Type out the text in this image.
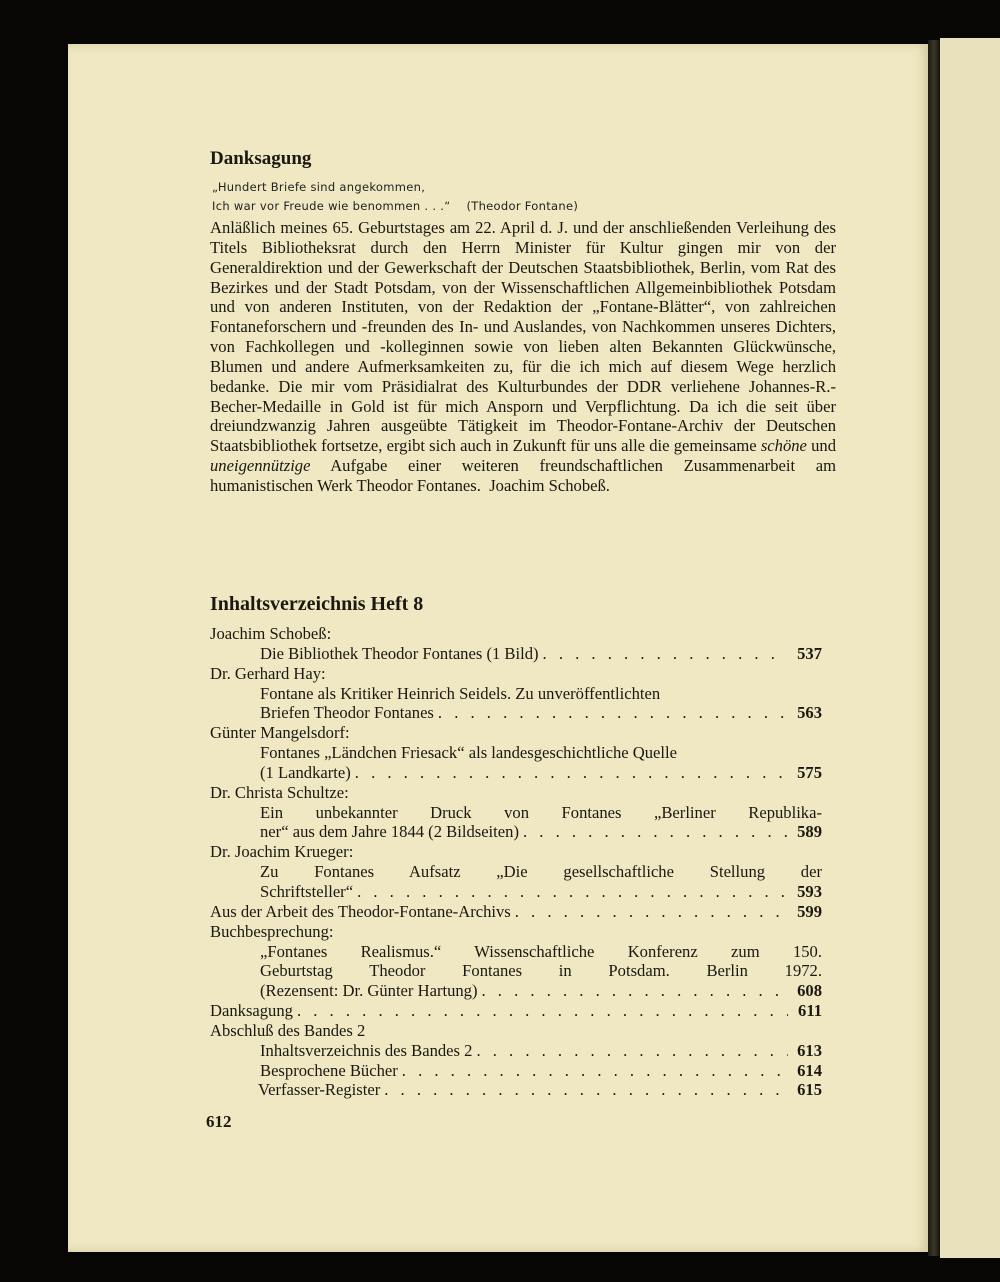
Danksagung
„Hundert Briefe sind angekommen,
Ich war vor Freude wie benommen . . .“ (Theodor Fontane)
Anläßlich meines 65. Geburtstages am 22. April d. J. und der anschließenden Verleihung des Titels Bibliotheksrat durch den Herrn Minister für Kultur gingen mir von der Generaldirektion und der Gewerkschaft der Deutschen Staatsbibliothek, Berlin, vom Rat des Bezirkes und der Stadt Potsdam, von der Wissenschaftlichen Allgemeinbibliothek Potsdam und von anderen Instituten, von der Redaktion der „Fontane-Blätter“, von zahlreichen Fontaneforschern und -freunden des In- und Auslandes, von Nachkommen unseres Dichters, von Fachkollegen und -kolleginnen sowie von lieben alten Bekannten Glückwünsche, Blumen und andere Aufmerksamkeiten zu, für die ich mich auf diesem Wege herzlich bedanke. Die mir vom Präsidialrat des Kulturbundes der DDR verliehene Johannes-R.-Becher-Medaille in Gold ist für mich Ansporn und Verpflichtung. Da ich die seit über dreiundzwanzig Jahren ausgeübte Tätigkeit im Theodor-Fontane-Archiv der Deutschen Staatsbibliothek fortsetze, ergibt sich auch in Zukunft für uns alle die gemeinsame schöne und uneigennützige Aufgabe einer weiteren freundschaftlichen Zusammenarbeit am humanistischen Werk Theodor Fontanes. Joachim Schobeß.
Inhaltsverzeichnis Heft 8
Joachim Schobeß:
Die Bibliothek Theodor Fontanes (1 Bild) . . .	537
Dr. Gerhard Hay:
Fontane als Kritiker Heinrich Seidels. Zu unveröffentlichten
Briefen Theodor Fontanes . . .	563
Günter Mangelsdorf:
Fontanes „Ländchen Friesack“ als landesgeschichtliche Quelle
(1 Landkarte) . . .	575
Dr. Christa Schultze:
Ein unbekannter Druck von Fontanes „Berliner Republika-
ner“ aus dem Jahre 1844 (2 Bildseiten) . . .	589
Dr. Joachim Krueger:
Zu Fontanes Aufsatz „Die gesellschaftliche Stellung der
Schriftsteller“ . . .	593
Aus der Arbeit des Theodor-Fontane-Archivs . . .	599
Buchbesprechung:
„Fontanes Realismus.“ Wissenschaftliche Konferenz zum 150.
Geburtstag Theodor Fontanes in Potsdam. Berlin 1972.
(Rezensent: Dr. Günter Hartung) . . .	608
Danksagung . . .	611
Abschluß des Bandes 2
Inhaltsverzeichnis des Bandes 2 . . .	613
Besprochene Bücher . . .	614
Verfasser-Register . . .	615
612
